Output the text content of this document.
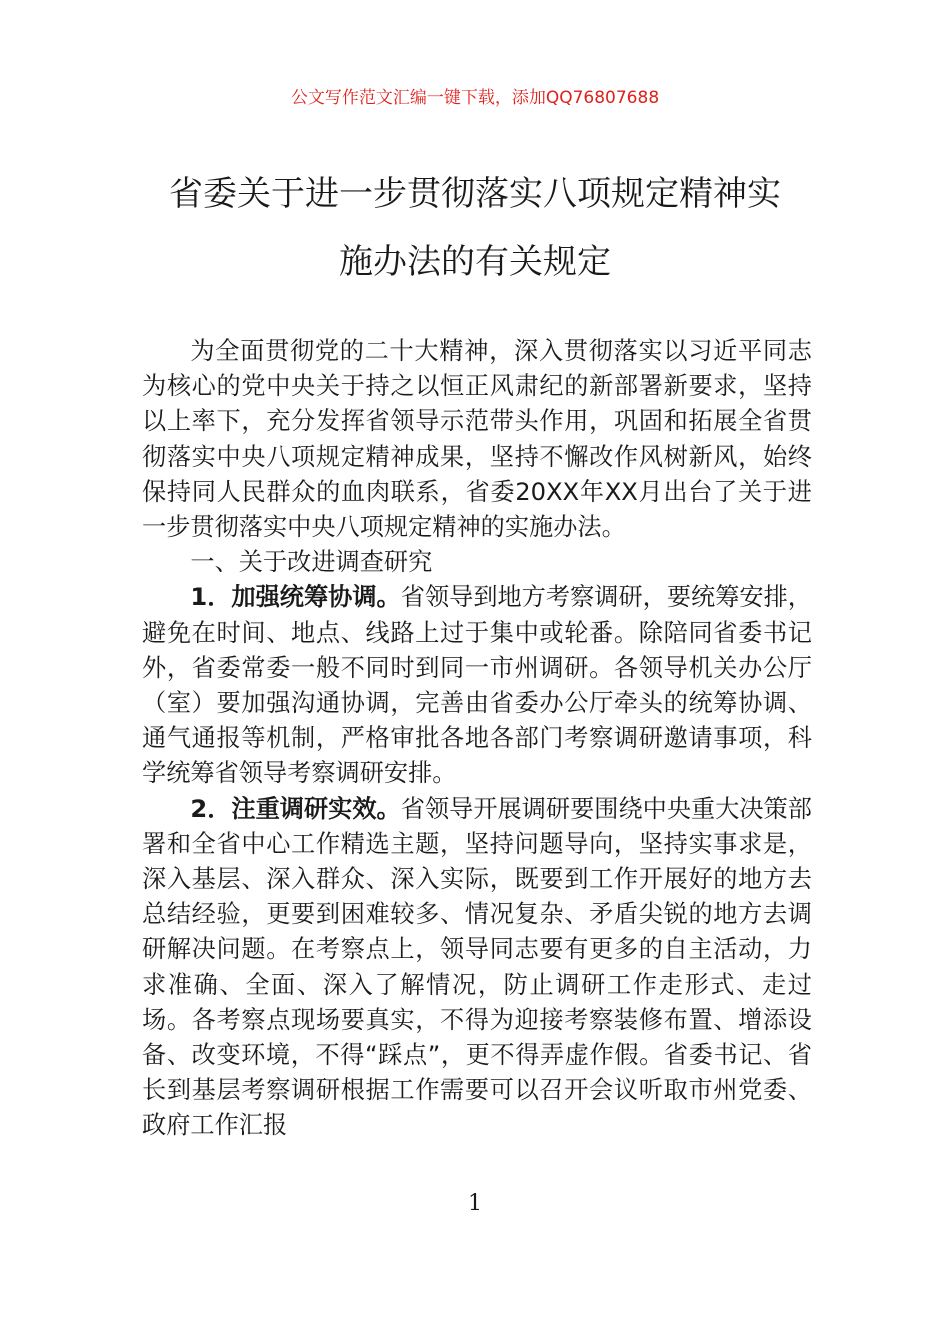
公文写作范文汇编一键下载，添加QQ76807688
省委关于进一步贯彻落实八项规定精神实
施办法的有关规定

为全面贯彻党的二十大精神，深入贯彻落实以习近平同志为核心的党中央关于持之以恒正风肃纪的新部署新要求，坚持以上率下，充分发挥省领导示范带头作用，巩固和拓展全省贯彻落实中央八项规定精神成果，坚持不懈改作风树新风，始终保持同人民群众的血肉联系，省委20XX年XX月出台了关于进一步贯彻落实中央八项规定精神的实施办法。

一、关于改进调查研究

1．加强统筹协调。省领导到地方考察调研，要统筹安排，避免在时间、地点、线路上过于集中或轮番。除陪同省委书记外，省委常委一般不同时到同一市州调研。各领导机关办公厅（室）要加强沟通协调，完善由省委办公厅牵头的统筹协调、通气通报等机制，严格审批各地各部门考察调研邀请事项，科学统筹省领导考察调研安排。

2．注重调研实效。省领导开展调研要围绕中央重大决策部署和全省中心工作精选主题，坚持问题导向，坚持实事求是，深入基层、深入群众、深入实际，既要到工作开展好的地方去总结经验，更要到困难较多、情况复杂、矛盾尖锐的地方去调研解决问题。在考察点上，领导同志要有更多的自主活动，力求准确、全面、深入了解情况，防止调研工作走形式、走过场。各考察点现场要真实，不得为迎接考察装修布置、增添设备、改变环境，不得“踩点”，更不得弄虚作假。省委书记、省长到基层考察调研根据工作需要可以召开会议听取市州党委、政府工作汇报

1
